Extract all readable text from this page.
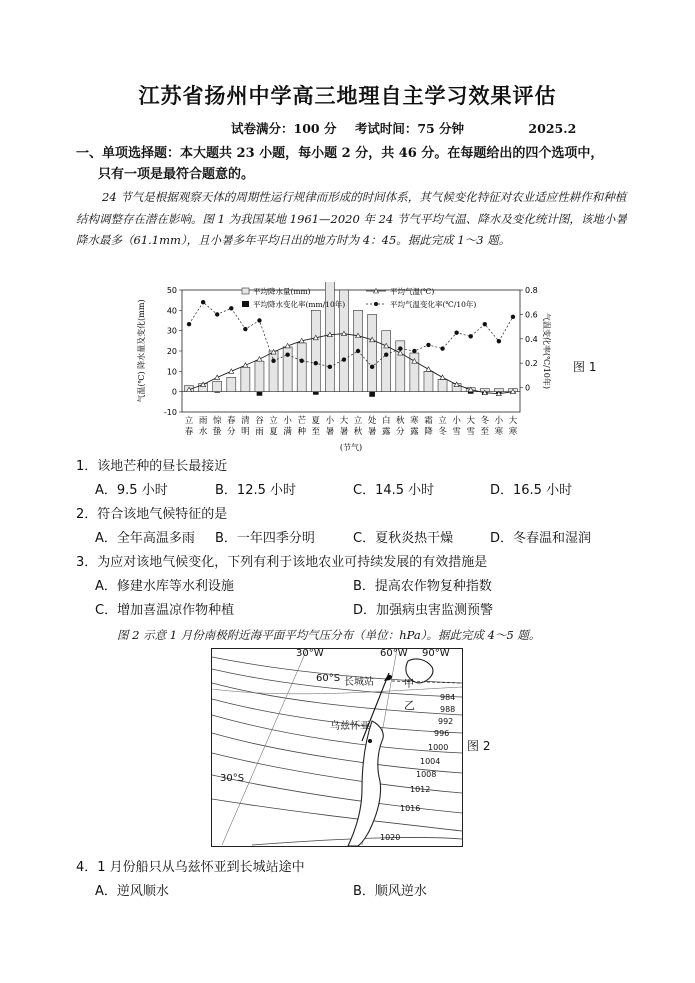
江苏省扬州中学高三地理自主学习效果评估
试卷满分：100 分 考试时间：75 分钟	2025.2
一、单项选择题：本大题共 23 小题，每小题 2 分，共 46 分。在每题给出的四个选项中，
只有一项是最符合题意的。

24 节气是根据观察天体的周期性运行规律而形成的时间体系，其气候变化特征对农业适应性耕作和种植结构调整存在潜在影响。图 1 为我国某地 1961—2020 年 24 节气平均气温、降水及变化统计图，该地小暑降水最多（61.1mm），且小暑多年平均日出的地方时为 4：45。据此完成 1～3 题。

-10
0
10
20
30
40
50
0
0.2
0.4
0.6
0.8
立
春
雨
水
惊
蛰
春
分
清
明
谷
雨
立
夏
小
满
芒
种
夏
至
小
暑
大
暑
立
秋
处
暑
白
露
秋
分
寒
露
霜
降
立
冬
小
雪
大
雪
冬
至
小
寒
大
寒
(节气)
气温(℃) 降水量及变化(mm)	气温变化率(℃/10年)
平均降水量(mm)	平均气温(℃)
平均降水变化率(mm/10年)	平均气温变化率(℃/10年)
图 1
1．该地芒种的昼长最接近
A．9.5 小时	B．12.5 小时	C．14.5 小时	D．16.5 小时
2．符合该地气候特征的是
A．全年高温多雨 B．一年四季分明	C．夏秋炎热干燥	D．冬春温和湿润
3．为应对该地气候变化，下列有利于该地农业可持续发展的有效措施是
A．修建水库等水利设施	B．提高农作物复种指数
C．增加喜温凉作物种植	D．加强病虫害监测预警
图 2 示意 1 月份南极附近海平面平均气压分布（单位：hPa）。据此完成 4～5 题。
30°W	60°W 90°W
60°S
30°S
长城站
乌兹怀亚
甲
乙
984
988
992
996
1000
1004
1008
1012
1016
1020
图 2
4．1 月份船只从乌兹怀亚到长城站途中
A．逆风顺水	B．顺风逆水
